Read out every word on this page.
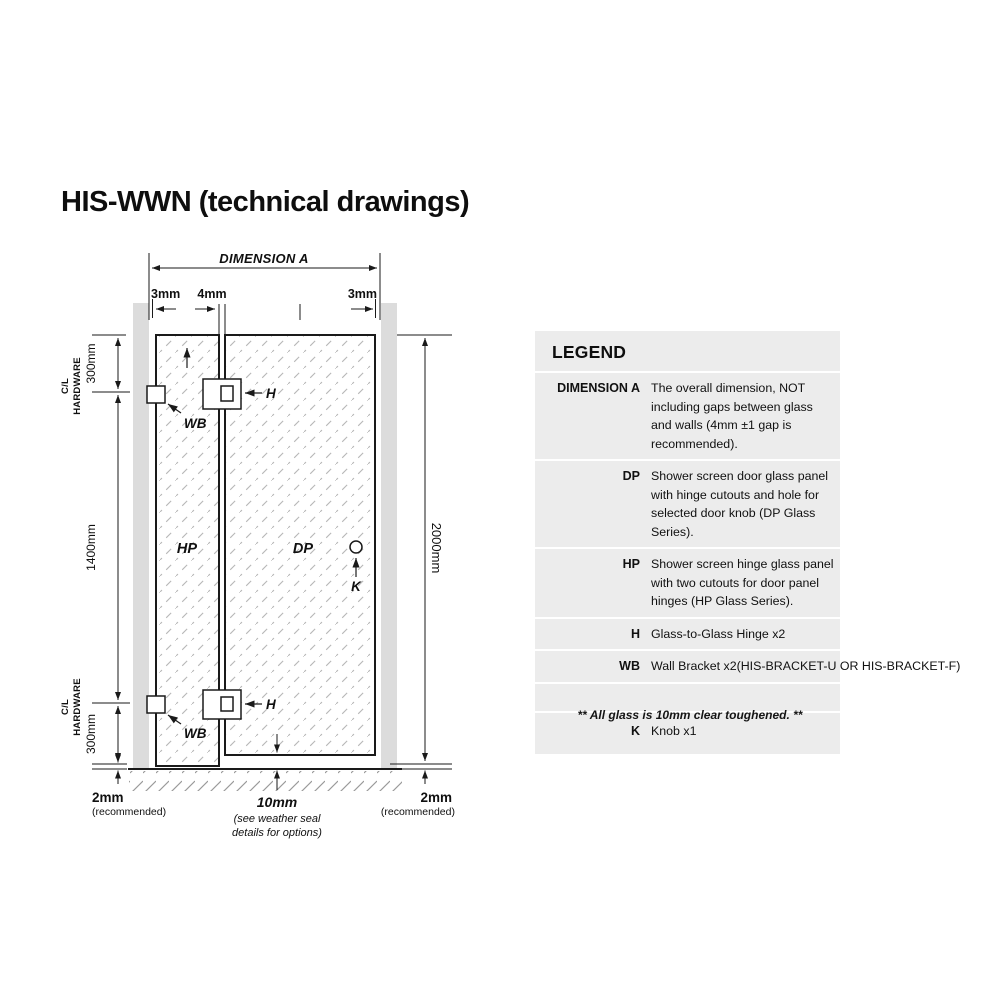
HIS-WWN (technical drawings)
DIMENSION A
3mm 4mm	3mm
300mm
C/L HARDWARE
1400mm
C/L HARDWARE 300mm
2000mm
HP	DP
H
H
WB
WB
K
2mm
(recommended)
10mm
(see weather seal
details for options)
2mm
(recommended)
LEGEND
DIMENSION A The overall dimension, NOT including gaps between glass and walls (4mm ±1 gap is recommended).
DP Shower screen door glass panel with hinge cutouts and hole for selected door knob (DP Glass Series).
HP Shower screen hinge glass panel with two cutouts for door panel hinges (HP Glass Series).
H Glass-to-Glass Hinge x2
WB Wall Bracket x2(HIS-BRACKET-U OR HIS-BRACKET-F)
K Knob x1
** All glass is 10mm clear toughened. **
